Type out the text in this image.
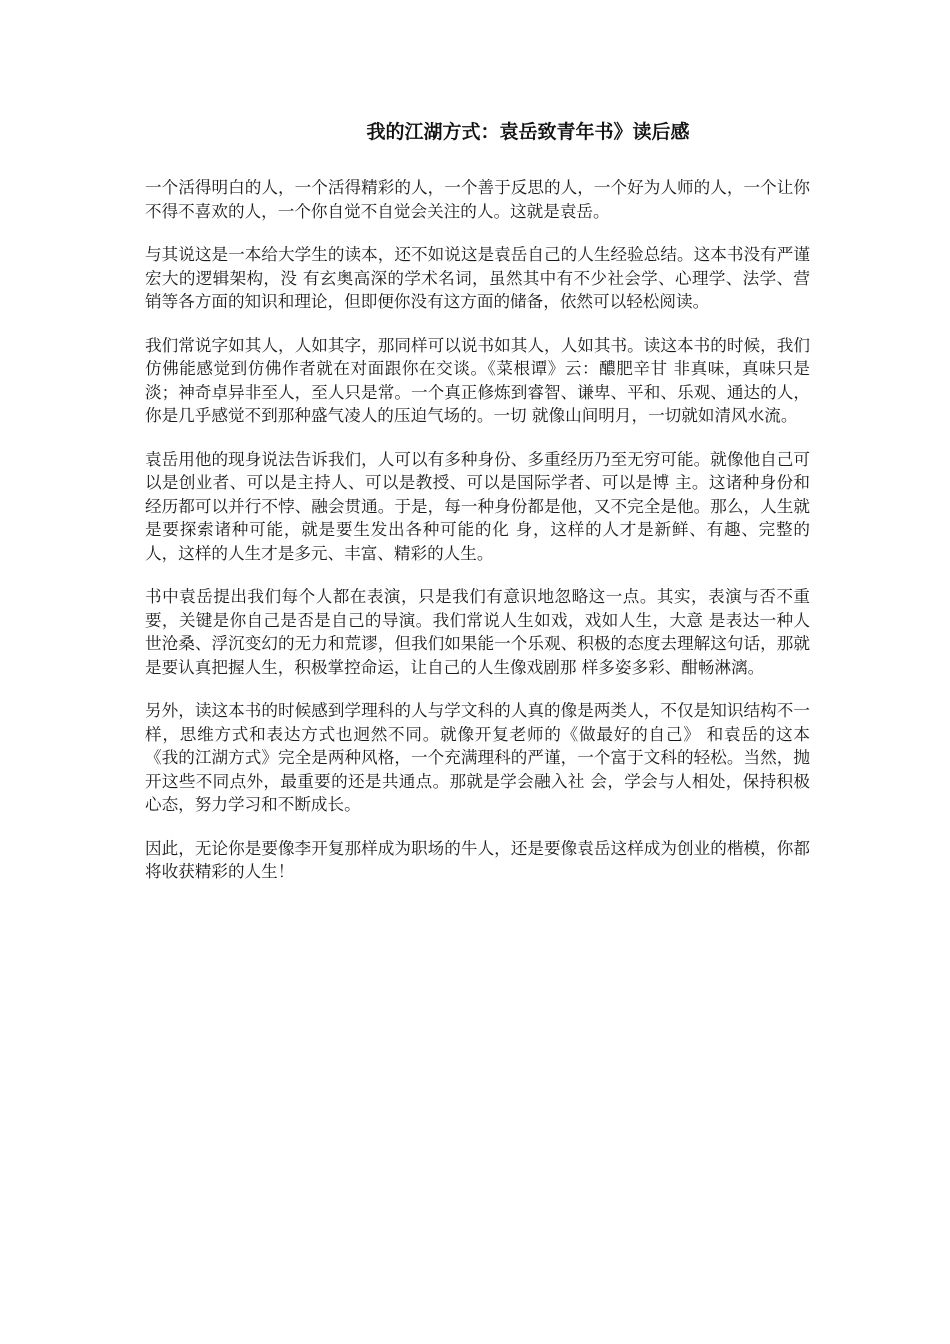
我的江湖方式：袁岳致青年书》读后感

一个活得明白的人，一个活得精彩的人，一个善于反思的人，一个好为人师的人，一个让你不得不喜欢的人，一个你自觉不自觉会关注的人。这就是袁岳。

与其说这是一本给大学生的读本，还不如说这是袁岳自己的人生经验总结。这本书没有严谨宏大的逻辑架构，没 有玄奥高深的学术名词，虽然其中有不少社会学、心理学、法学、营销等各方面的知识和理论，但即便你没有这方面的储备，依然可以轻松阅读。

我们常说字如其人，人如其字，那同样可以说书如其人，人如其书。读这本书的时候，我们仿佛能感觉到仿佛作者就在对面跟你在交谈。《菜根谭》云：醲肥辛甘 非真味，真味只是淡；神奇卓异非至人，至人只是常。一个真正修炼到睿智、谦卑、平和、乐观、通达的人，你是几乎感觉不到那种盛气凌人的压迫气场的。一切 就像山间明月，一切就如清风水流。

袁岳用他的现身说法告诉我们，人可以有多种身份、多重经历乃至无穷可能。就像他自己可以是创业者、可以是主持人、可以是教授、可以是国际学者、可以是博 主。这诸种身份和经历都可以并行不悖、融会贯通。于是，每一种身份都是他，又不完全是他。那么，人生就是要探索诸种可能，就是要生发出各种可能的化 身，这样的人才是新鲜、有趣、完整的人，这样的人生才是多元、丰富、精彩的人生。

书中袁岳提出我们每个人都在表演，只是我们有意识地忽略这一点。其实，表演与否不重要，关键是你自己是否是自己的导演。我们常说人生如戏，戏如人生，大意 是表达一种人世沧桑、浮沉变幻的无力和荒谬，但我们如果能一个乐观、积极的态度去理解这句话，那就是要认真把握人生，积极掌控命运，让自己的人生像戏剧那 样多姿多彩、酣畅淋漓。

另外，读这本书的时候感到学理科的人与学文科的人真的像是两类人，不仅是知识结构不一样，思维方式和表达方式也迥然不同。就像开复老师的《做最好的自己》 和袁岳的这本《我的江湖方式》完全是两种风格，一个充满理科的严谨，一个富于文科的轻松。当然，抛开这些不同点外，最重要的还是共通点。那就是学会融入社 会，学会与人相处，保持积极心态，努力学习和不断成长。

因此，无论你是要像李开复那样成为职场的牛人，还是要像袁岳这样成为创业的楷模，你都将收获精彩的人生！
